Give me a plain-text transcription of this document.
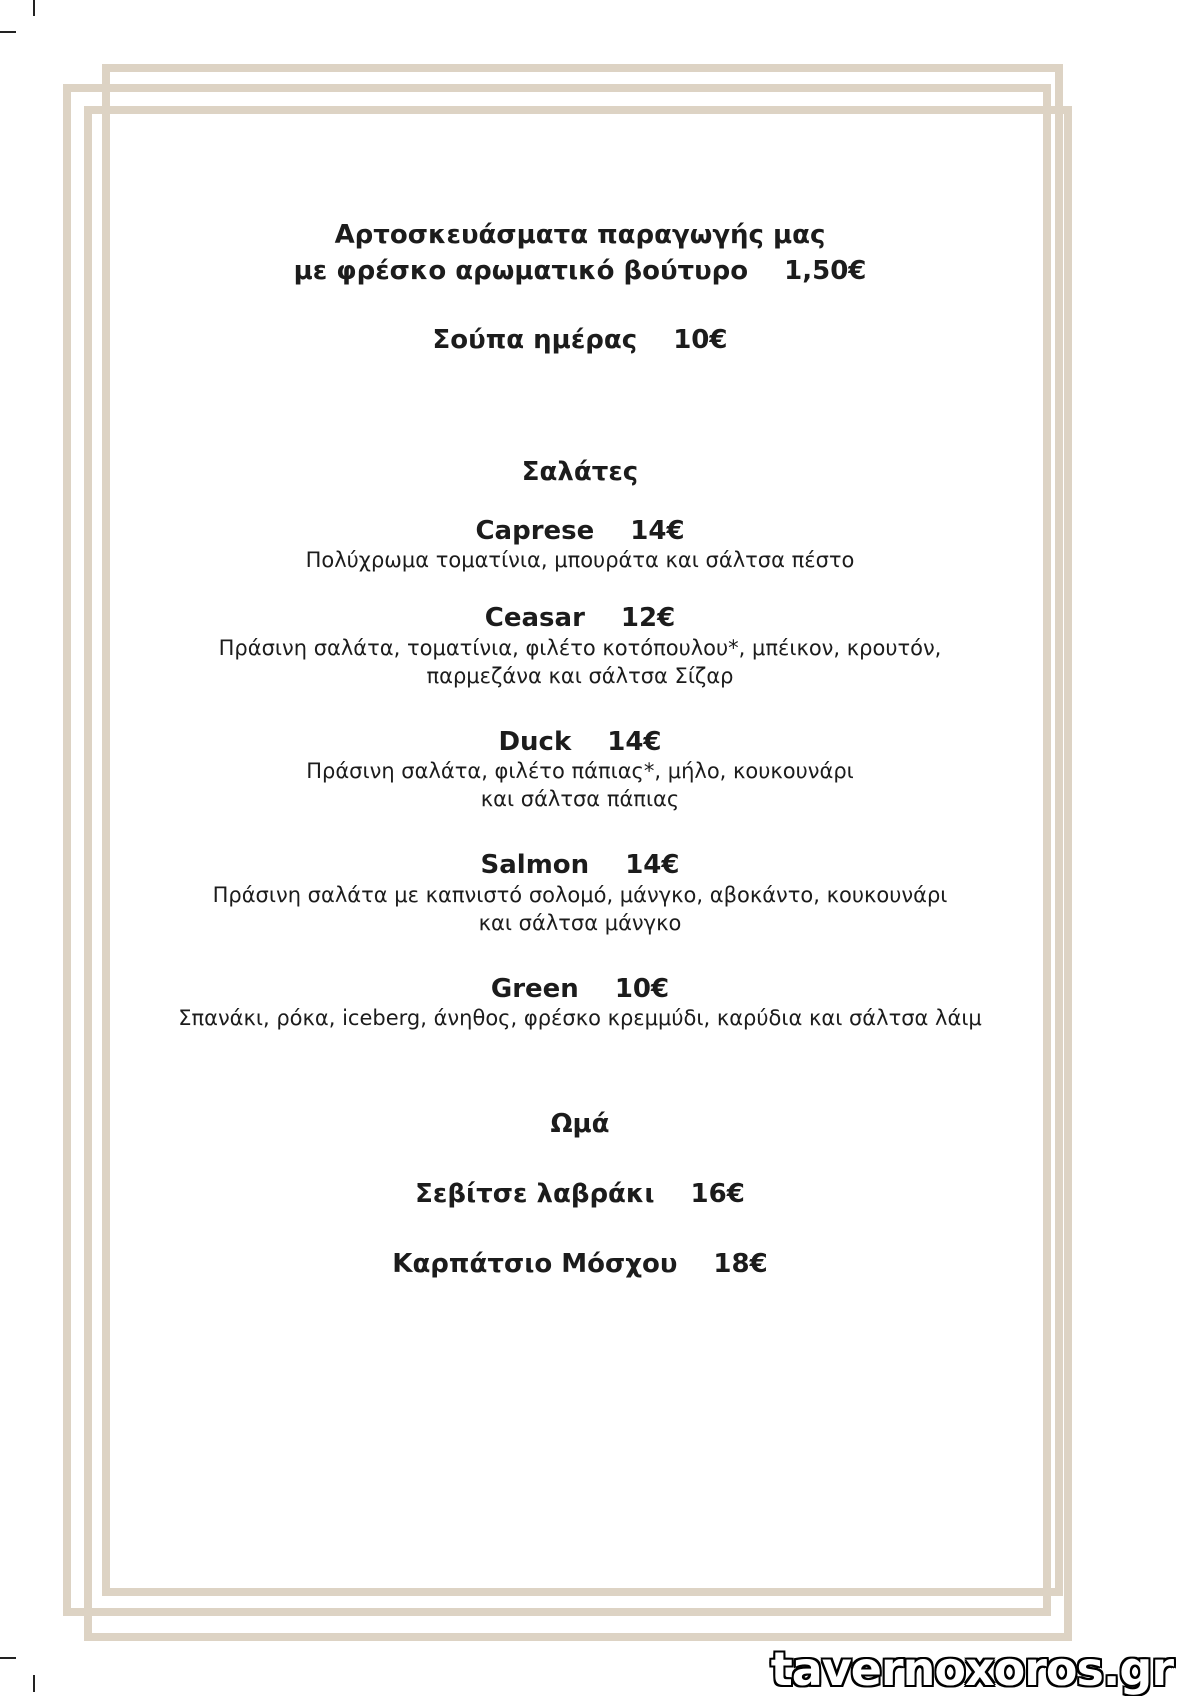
Αρτοσκευάσματα παραγωγής μας
με φρέσκο αρωματικό βούτυρο 1,50€
Σούπα ημέρας 10€
Σαλάτες
Caprese 14€
Πολύχρωμα τοματίνια, μπουράτα και σάλτσα πέστο
Ceasar 12€
Πράσινη σαλάτα, τοματίνια, φιλέτο κοτόπουλου*, μπέικον, κρουτόν,
παρμεζάνα και σάλτσα Σίζαρ
Duck 14€
Πράσινη σαλάτα, φιλέτο πάπιας*, μήλο, κουκουνάρι
και σάλτσα πάπιας
Salmon 14€
Πράσινη σαλάτα με καπνιστό σολομό, μάνγκο, αβοκάντο, κουκουνάρι
και σάλτσα μάνγκο
Green 10€
Σπανάκι, ρόκα, iceberg, άνηθος, φρέσκο κρεμμύδι, καρύδια και σάλτσα λάιμ
Ωμά
Σεβίτσε λαβράκι 16€
Καρπάτσιο Μόσχου 18€
tavernoxoros.gr
